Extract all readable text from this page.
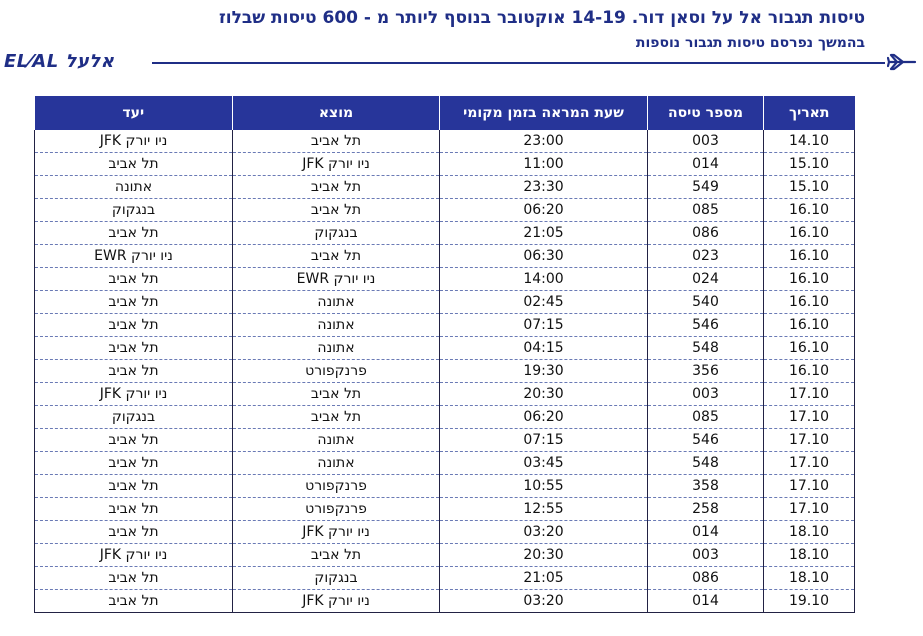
טיסות תגבור אל על וסאן דור. 14-19 אוקטובר בנוסף ליותר מ - 600 טיסות שבלוז
בהמשך נפרסם טיסות תגבור נוספות
EL⁄AL אלעל
תאריך	מספר טיסה	שעת המראה בזמן מקומי	מוצא	יעד
14.10	003	23:00	תל אביב	ניו יורק JFK
15.10	014	11:00	ניו יורק JFK	תל אביב
15.10	549	23:30	תל אביב	אתונה
16.10	085	06:20	תל אביב	בנגקוק
16.10	086	21:05	בנגקוק	תל אביב
16.10	023	06:30	תל אביב	ניו יורק EWR
16.10	024	14:00	ניו יורק EWR	תל אביב
16.10	540	02:45	אתונה	תל אביב
16.10	546	07:15	אתונה	תל אביב
16.10	548	04:15	אתונה	תל אביב
16.10	356	19:30	פרנקפורט	תל אביב
17.10	003	20:30	תל אביב	ניו יורק JFK
17.10	085	06:20	תל אביב	בנגקוק
17.10	546	07:15	אתונה	תל אביב
17.10	548	03:45	אתונה	תל אביב
17.10	358	10:55	פרנקפורט	תל אביב
17.10	258	12:55	פרנקפורט	תל אביב
18.10	014	03:20	ניו יורק JFK	תל אביב
18.10	003	20:30	תל אביב	ניו יורק JFK
18.10	086	21:05	בנגקוק	תל אביב
19.10	014	03:20	ניו יורק JFK	תל אביב
